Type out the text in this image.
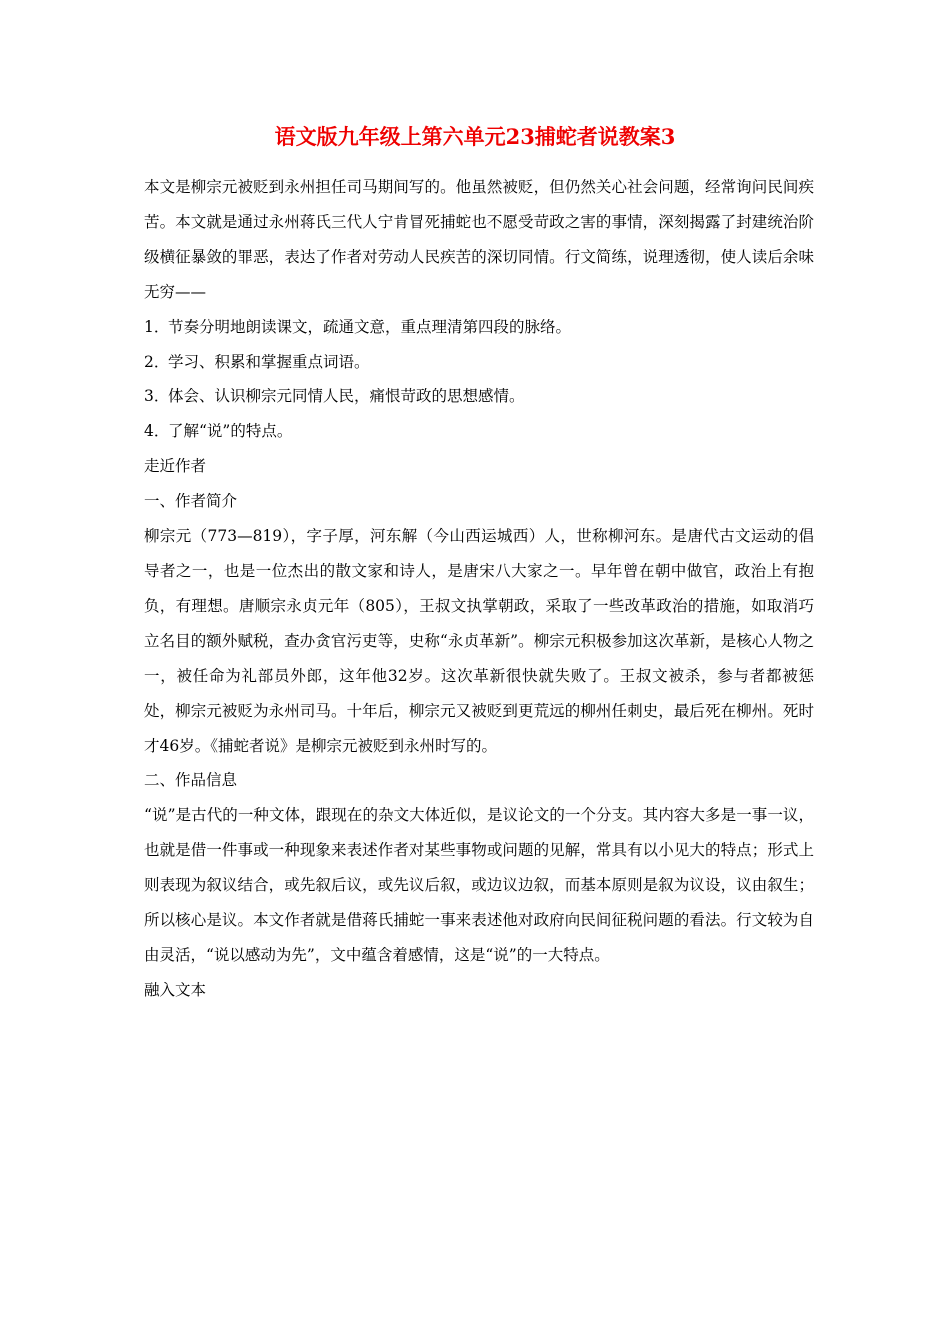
语文版九年级上第六单元23捕蛇者说教案3

本文是柳宗元被贬到永州担任司马期间写的。他虽然被贬，但仍然关心社会问题，经常询问民间疾苦。本文就是通过永州蒋氏三代人宁肯冒死捕蛇也不愿受苛政之害的事情，深刻揭露了封建统治阶级横征暴敛的罪恶，表达了作者对劳动人民疾苦的深切同情。行文简练，说理透彻，使人读后余味无穷——

1．节奏分明地朗读课文，疏通文意，重点理清第四段的脉络。

2．学习、积累和掌握重点词语。

3．体会、认识柳宗元同情人民，痛恨苛政的思想感情。

4．了解“说”的特点。

走近作者

一、作者简介

柳宗元（773—819），字子厚，河东解（今山西运城西）人，世称柳河东。是唐代古文运动的倡导者之一，也是一位杰出的散文家和诗人，是唐宋八大家之一。早年曾在朝中做官，政治上有抱负，有理想。唐顺宗永贞元年（805），王叔文执掌朝政，采取了一些改革政治的措施，如取消巧立名目的额外赋税，查办贪官污吏等，史称“永贞革新”。柳宗元积极参加这次革新，是核心人物之一，被任命为礼部员外郎，这年他32岁。这次革新很快就失败了。王叔文被杀，参与者都被惩处，柳宗元被贬为永州司马。十年后，柳宗元又被贬到更荒远的柳州任刺史，最后死在柳州。死时才46岁。《捕蛇者说》是柳宗元被贬到永州时写的。

二、作品信息

“说”是古代的一种文体，跟现在的杂文大体近似，是议论文的一个分支。其内容大多是一事一议，也就是借一件事或一种现象来表述作者对某些事物或问题的见解，常具有以小见大的特点；形式上则表现为叙议结合，或先叙后议，或先议后叙，或边议边叙，而基本原则是叙为议设，议由叙生；所以核心是议。本文作者就是借蒋氏捕蛇一事来表述他对政府向民间征税问题的看法。行文较为自由灵活，“说以感动为先”，文中蕴含着感情，这是“说”的一大特点。

融入文本
